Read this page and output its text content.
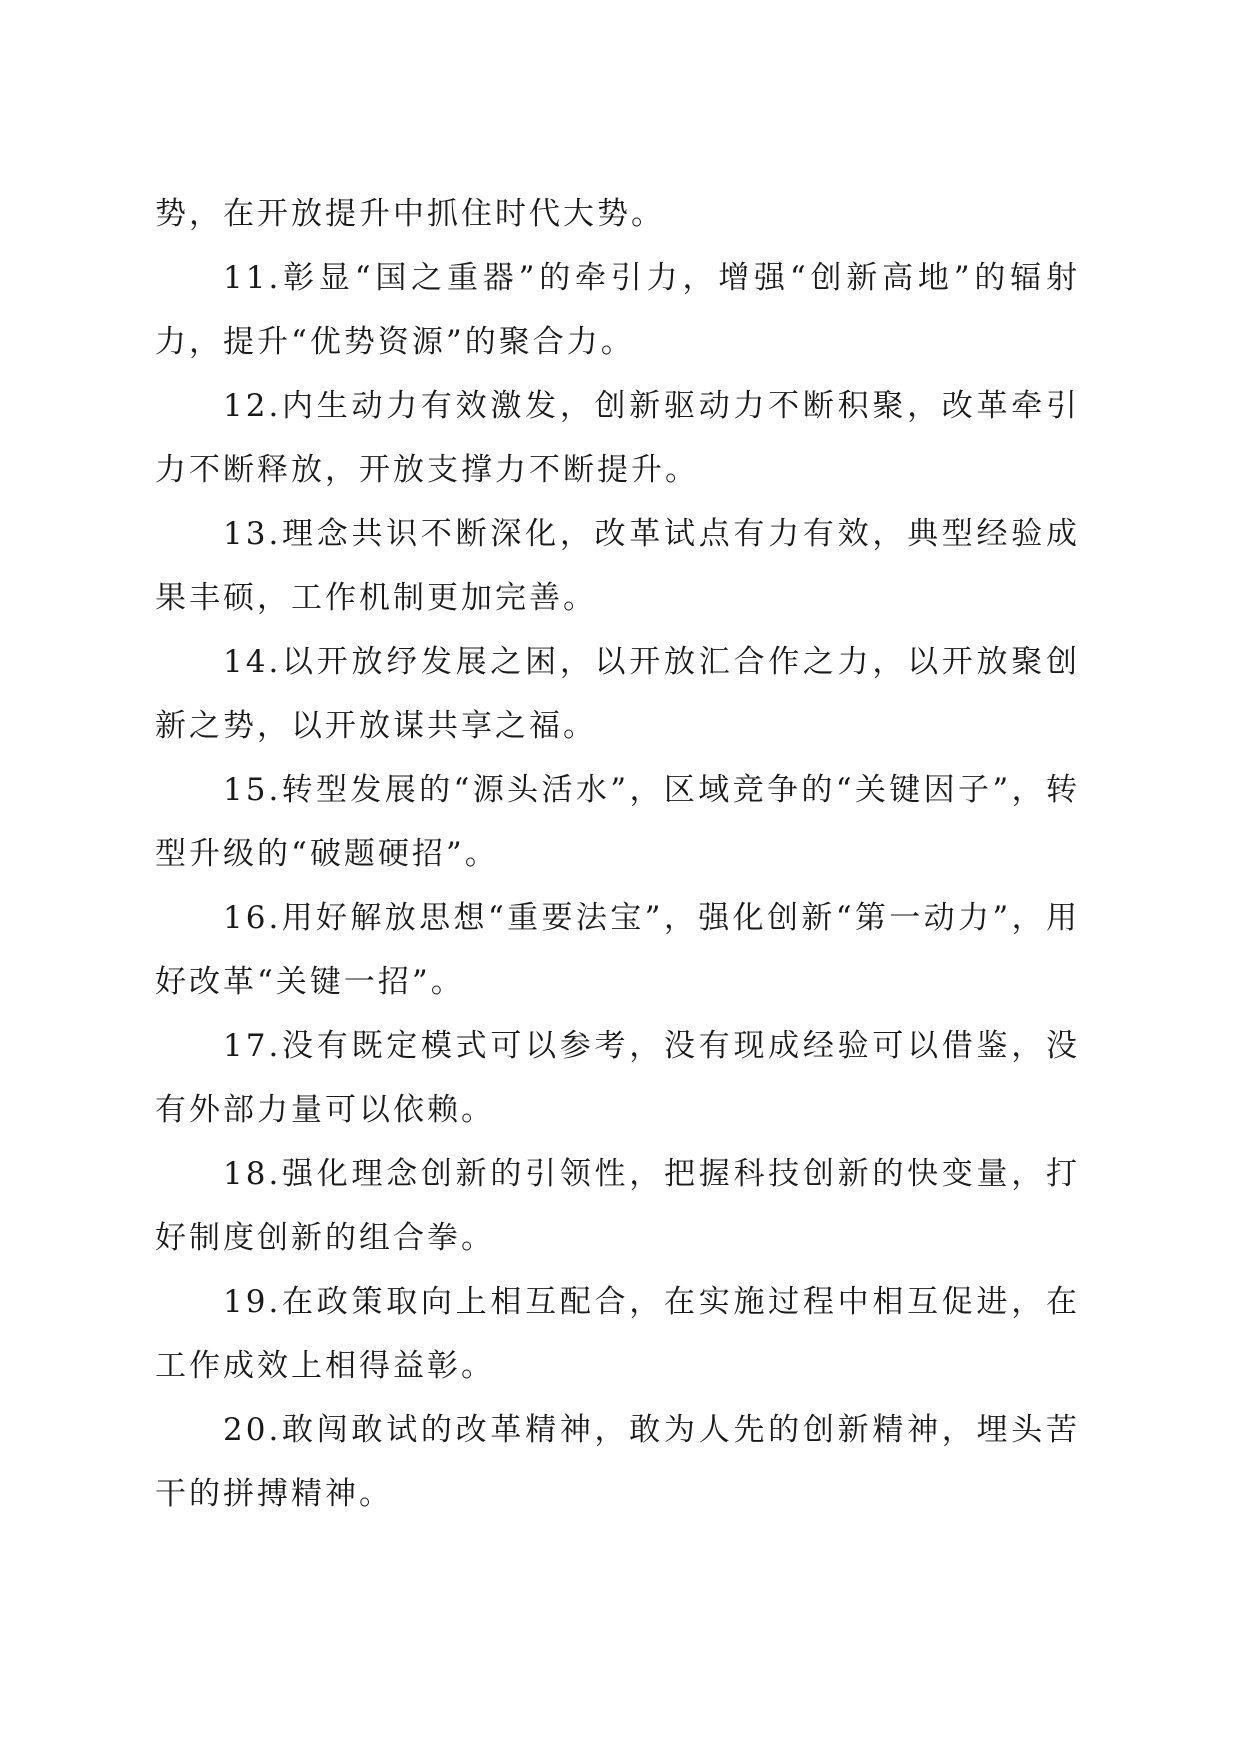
势，在开放提升中抓住时代大势。

11.彰显“国之重器”的牵引力，增强“创新高地”的辐射力，提升“优势资源”的聚合力。

12.内生动力有效激发，创新驱动力不断积聚，改革牵引力不断释放，开放支撑力不断提升。

13.理念共识不断深化，改革试点有力有效，典型经验成果丰硕，工作机制更加完善。

14.以开放纾发展之困，以开放汇合作之力，以开放聚创新之势，以开放谋共享之福。

15.转型发展的“源头活水”，区域竞争的“关键因子”，转型升级的“破题硬招”。

16.用好解放思想“重要法宝”，强化创新“第一动力”，用好改革“关键一招”。

17.没有既定模式可以参考，没有现成经验可以借鉴，没有外部力量可以依赖。

18.强化理念创新的引领性，把握科技创新的快变量，打好制度创新的组合拳。

19.在政策取向上相互配合，在实施过程中相互促进，在工作成效上相得益彰。

20.敢闯敢试的改革精神，敢为人先的创新精神，埋头苦干的拼搏精神。
